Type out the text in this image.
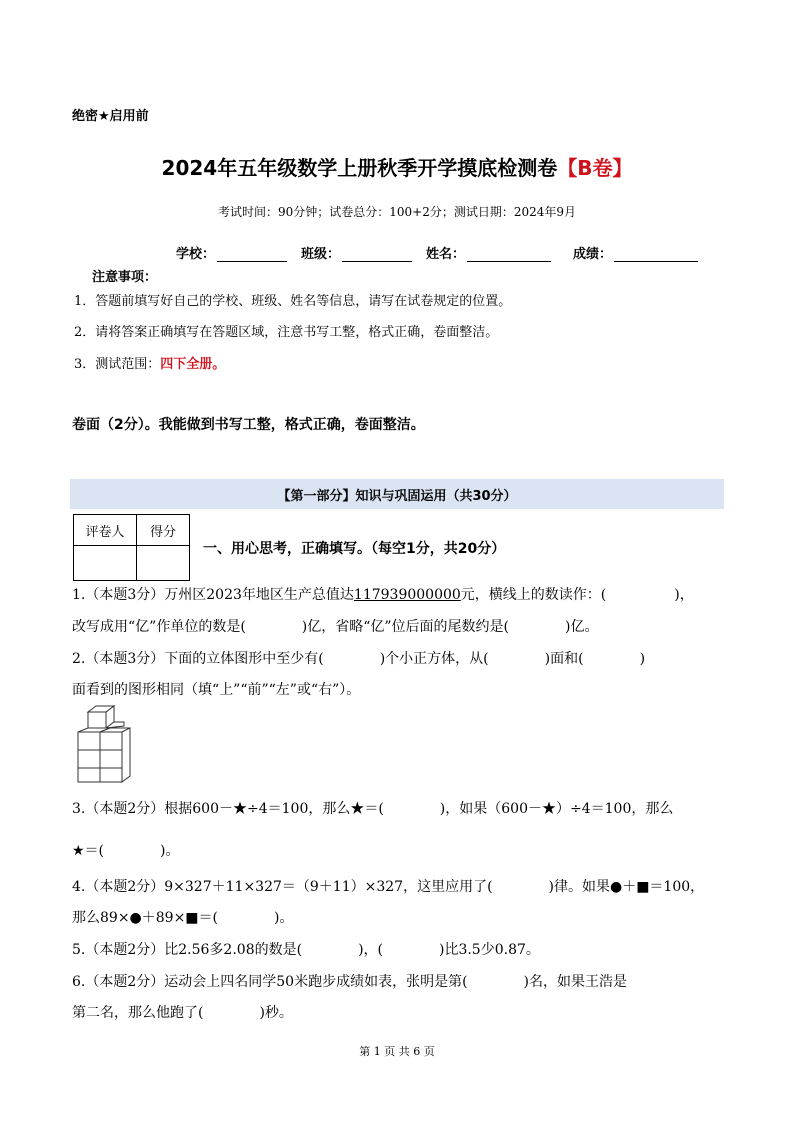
绝密★启用前
2024年五年级数学上册秋季开学摸底检测卷【B卷】
考试时间：90分钟；试卷总分：100+2分；测试日期：2024年9月
学校：	班级：	姓名：	成绩：
注意事项：
1．答题前填写好自己的学校、班级、姓名等信息，请写在试卷规定的位置。
2．请将答案正确填写在答题区域，注意书写工整，格式正确，卷面整洁。
3．测试范围：四下全册。
卷面（2分）。我能做到书写工整，格式正确，卷面整洁。
【第一部分】知识与巩固运用（共30分）
评卷人	得分

一、用心思考，正确填写。（每空1分，共20分）
1.（本题3分）万州区2023年地区生产总值达117939000000元，横线上的数读作：(	)，
改写成用“亿”作单位的数是(　　　　)亿，省略“亿”位后面的尾数约是(　　　　)亿。
2.（本题3分）下面的立体图形中至少有(　　　　)个小正方体，从(　　　　)面和(　　　　)
面看到的图形相同（填“上”“前”“左”或“右”）。
3.（本题2分）根据600－★÷4＝100，那么★＝(　　　　)，如果（600－★）÷4＝100，那么
★＝(　　　　)。
4.（本题2分）9×327＋11×327＝（9＋11）×327，这里应用了(　　　　)律。如果●＋■＝100，
那么89×●＋89×■＝(　　　　)。
5.（本题2分）比2.56多2.08的数是(　　　　)，(　　　　)比3.5少0.87。
6.（本题2分）运动会上四名同学50米跑步成绩如表，张明是第(　　　　)名，如果王浩是
第二名，那么他跑了(　　　　)秒。
第 1 页 共 6 页
